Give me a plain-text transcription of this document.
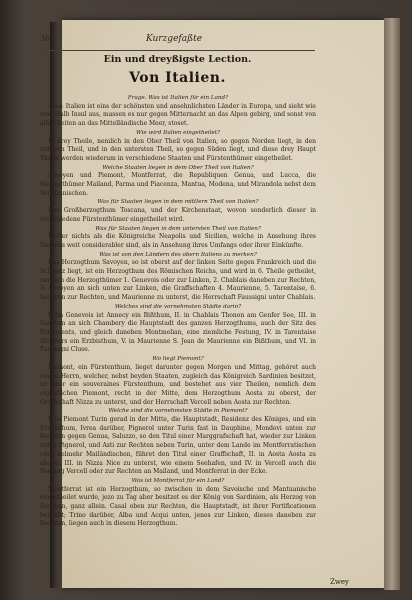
36	Kurzgefaßte
Ein und dreyßigste Lection.
Von Italien.

Frage. Was ist Italien für ein Land?

Antw. Italien ist eins der schönsten und ansehnlichsten Länder in Europa, und sieht wie eine Halb Insul aus, massen es nur gegen Mitternacht an das Alpen gebirg, und sonst von allen Seiten an das Mittelländische Meer, stoset.

Wie wird Italien eingetheilet?

In drey Theile, nemlich in den Ober Theil von Italien, so gegen Norden liegt, in den mittlern Theil, und in den untersten Theil, so gegen Süden liegt, und diese drey Haupt Theile werden wiederum in verschiedene Staaten und Fürstenthümer eingetheilet.

Welche Staaten liegen in dem Ober Theil von Italien?

Savoyen und Piemont, Montferrat, die Republiquen Genua, und Lucca, die Herzogthümer Mailand, Parma und Piacenza, Mantua, Modena, und Mirandola nebst dem Venetianischen.

Was für Staaten liegen in dem mittlern Theil von Italien?

Das Großherzogthum Toscana, und der Kirchenstaat, wovon sonderlich dieser in verschiedene Fürstenthümer eingetheilet wird.

Was für Staaten liegen in dem untersten Theil von Italien?

Weiter nichts als die Königreiche Neapolis und Sicilien, welche in Ansehung ihres Namens weit considerabler sind, als in Ansehung ihres Umfangs oder ihrer Einkünfte.

Was ist von den Ländern des obern Italiens zu merken?

Das Herzogthum Savoyen, so ist oberst auf der linken Seite gegen Frankreich und die Schweiz liegt, ist ein Herzogthum des Römischen Reichs, und wird in 6. Theile getheilet, nemlich die Herzogthümer 1. Genevois oder zur Linken, 2. Chablais daneben zur Rechten, 3. Savoyen an sich unten zur Linken, die Graffschaften 4. Maurienne, 5. Tarentaise, 6. Savoyen zur Rechten, und Maurienne zu unterst, die Herrschaft Faussigni unter Chablais.

Welches sind die vornehmsten Städte darin?

I. Im Genevois ist Annecy ein Bißthum, II. in Chablais Thonon am Genfer See, III. in Savoyen an sich Chambery die Hauptstadt des ganzen Herzogthums, auch der Sitz des Parlaments, und gleich daneben Montmelian, eine ziemliche Festung, IV. in Tarentaise Moutiers ein Erzbisthum, V. in Maurienne S. Jean de Maurienne ein Bißthum, und VI. in Faussigni Cluse.

Wo liegt Piemont?

Piemont, ein Fürstenthum, lieget darunter gegen Morgen und Mittag, gehöret auch einem Herrn, welcher, nebst beyden Staaten, zugleich das Königreich Sardinien besitzet, ist aber ein souveraines Fürstenthum, und bestehet aus vier Theilen, nemlich dem eigentlichen Piemont, recht in der Mitte, dem Herzogthum Aosta zu oberst, der Graffschaft Nizza zu unterst, und der Herrschaft Vercell neben Aosta zur Rechten.

Welche sind die vornehmsten Städte in Piemont?

I. In Piemont Turin gerad in der Mitte, die Hauptstadt, Residenz des Königes, und ein Erzbisthum, Ivrea darüber, Pignerol unter Turin fast in Dauphine, Mondovi unten zur Rechten gegen Genua, Saluzzo, so den Titul einer Marggrafschaft hat, wieder zur Linken unter Pignerol, und Asti zur Rechten neben Turin, unter dem Lande im Montferratischen oder nelmehr Mailändischen, führet den Titul einer Graffschaft, II. in Aosta Aosta zu oberst, III. in Nizza Nice zu unterst, wie einem Seehafen, und IV. in Vercell auch die Festung Vercell oder zur Rechten an Mailand, und Montferrat in der Ecke.

Was ist Montferrat für ein Land?

Montferrat ist ein Herzogthum, so zwischen in dem Savoische und Mantuanische eingetheilet wurde, jezo zu Tag aber besitzet es der König von Sardinien, als Herzog von Savoyen, ganz allein. Casal oben zur Rechten, die Hauptstadt, ist ihrer Fortificationen beraubt; Trino darüber, Alba und Acqui unten, jenes zur Linken, dieses daneben zur Rechten, liegen auch in diesem Herzogthum.

Zwey
